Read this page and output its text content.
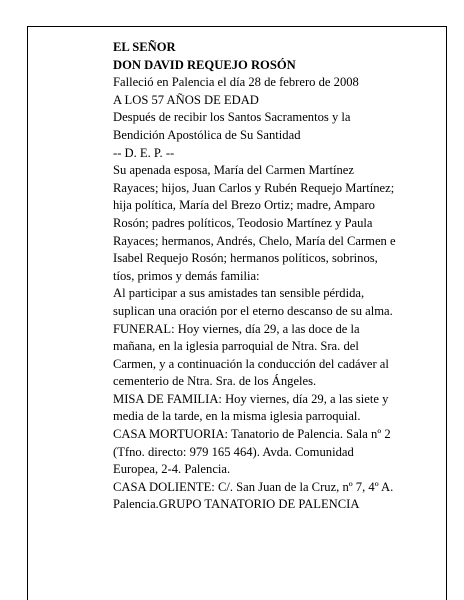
EL SEÑOR
DON DAVID REQUEJO ROSÓN
Falleció en Palencia el día 28 de febrero de 2008
A LOS 57 AÑOS DE EDAD
Después de recibir los Santos Sacramentos y la
Bendición Apostólica de Su Santidad
-- D. E. P. --
Su apenada esposa, María del Carmen Martínez
Rayaces; hijos, Juan Carlos y Rubén Requejo Martínez;
hija política, María del Brezo Ortiz; madre, Amparo
Rosón; padres políticos, Teodosio Martínez y Paula
Rayaces; hermanos, Andrés, Chelo, María del Carmen e
Isabel Requejo Rosón; hermanos políticos, sobrinos,
tíos, primos y demás familia:
Al participar a sus amistades tan sensible pérdida,
suplican una oración por el eterno descanso de su alma.
FUNERAL: Hoy viernes, día 29, a las doce de la
mañana, en la iglesia parroquial de Ntra. Sra. del
Carmen, y a continuación la conducción del cadáver al
cementerio de Ntra. Sra. de los Ángeles.
MISA DE FAMILIA: Hoy viernes, día 29, a las siete y
media de la tarde, en la misma iglesia parroquial.
CASA MORTUORIA: Tanatorio de Palencia. Sala nº 2
(Tfno. directo: 979 165 464). Avda. Comunidad
Europea, 2-4. Palencia.
CASA DOLIENTE: C/. San Juan de la Cruz, nº 7, 4º A.
Palencia.GRUPO TANATORIO DE PALENCIA
